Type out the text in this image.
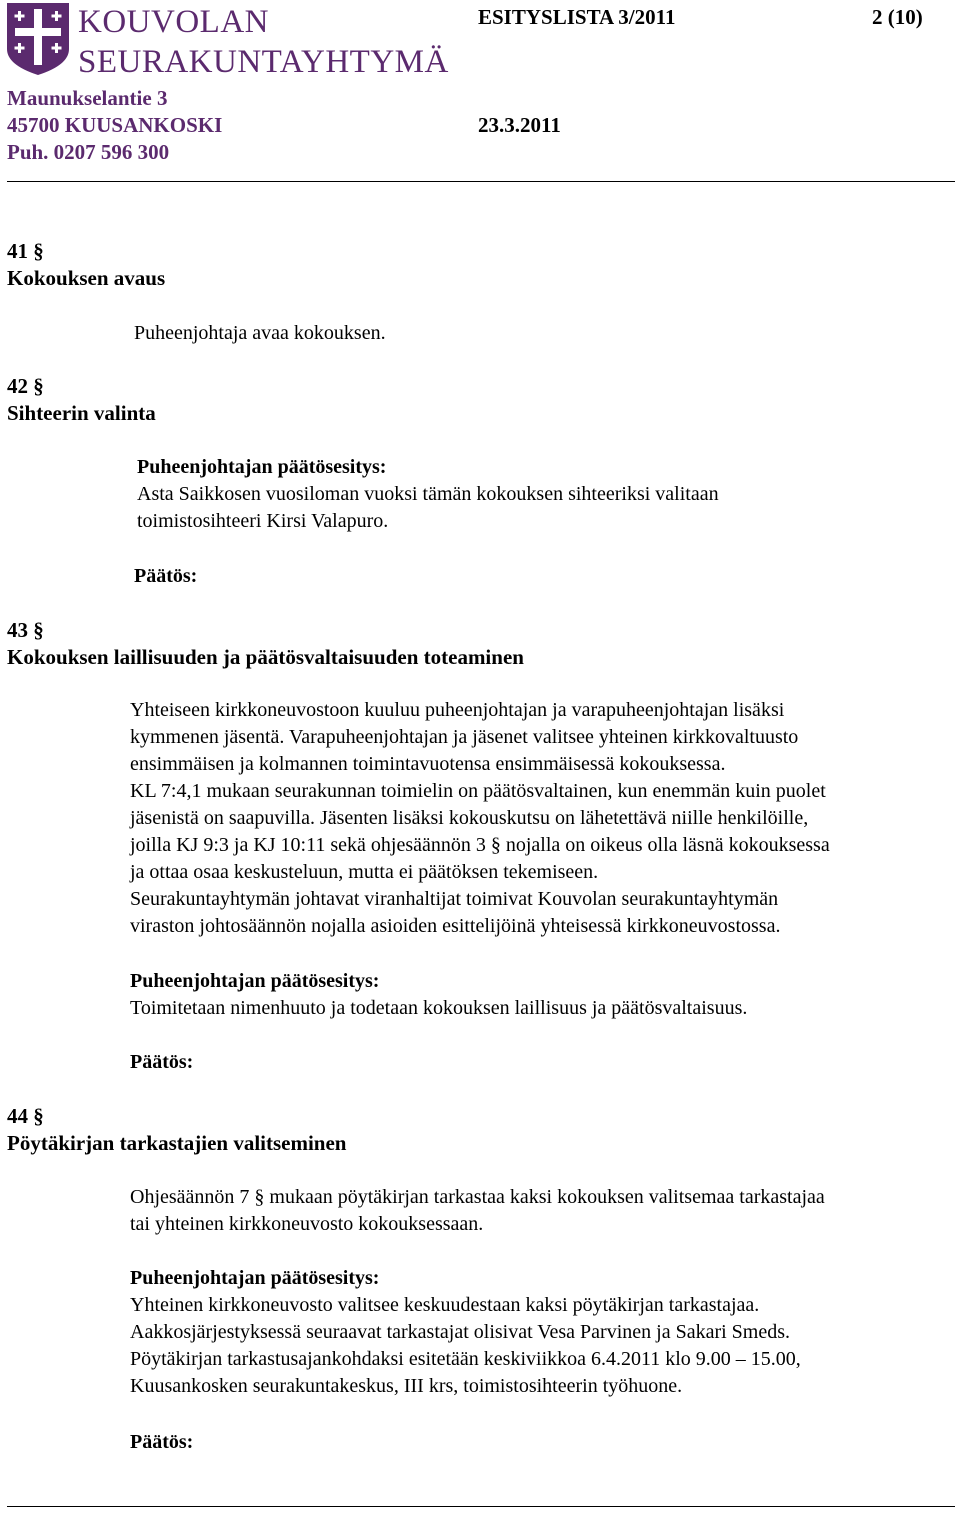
KOUVOLAN
SEURAKUNTAYHTYMÄ
ESITYSLISTA 3/2011	2 (10)
Maunukselantie 3
45700 KUUSANKOSKI	23.3.2011
Puh. 0207 596 300
41 §
Kokouksen avaus
Puheenjohtaja avaa kokouksen.
42 §
Sihteerin valinta
Puheenjohtajan päätösesitys:
Asta Saikkosen vuosiloman vuoksi tämän kokouksen sihteeriksi valitaan
toimistosihteeri Kirsi Valapuro.
Päätös:
43 §
Kokouksen laillisuuden ja päätösvaltaisuuden toteaminen
Yhteiseen kirkkoneuvostoon kuuluu puheenjohtajan ja varapuheenjohtajan lisäksi
kymmenen jäsentä. Varapuheenjohtajan ja jäsenet valitsee yhteinen kirkkovaltuusto
ensimmäisen ja kolmannen toimintavuotensa ensimmäisessä kokouksessa.
KL 7:4,1 mukaan seurakunnan toimielin on päätösvaltainen, kun enemmän kuin puolet
jäsenistä on saapuvilla. Jäsenten lisäksi kokouskutsu on lähetettävä niille henkilöille,
joilla KJ 9:3 ja KJ 10:11 sekä ohjesäännön 3 § nojalla on oikeus olla läsnä kokouksessa
ja ottaa osaa keskusteluun, mutta ei päätöksen tekemiseen.
Seurakuntayhtymän johtavat viranhaltijat toimivat Kouvolan seurakuntayhtymän
viraston johtosäännön nojalla asioiden esittelijöinä yhteisessä kirkkoneuvostossa.
Puheenjohtajan päätösesitys:
Toimitetaan nimenhuuto ja todetaan kokouksen laillisuus ja päätösvaltaisuus.
Päätös:
44 §
Pöytäkirjan tarkastajien valitseminen
Ohjesäännön 7 § mukaan pöytäkirjan tarkastaa kaksi kokouksen valitsemaa tarkastajaa
tai yhteinen kirkkoneuvosto kokouksessaan.
Puheenjohtajan päätösesitys:
Yhteinen kirkkoneuvosto valitsee keskuudestaan kaksi pöytäkirjan tarkastajaa.
Aakkosjärjestyksessä seuraavat tarkastajat olisivat Vesa Parvinen ja Sakari Smeds.
Pöytäkirjan tarkastusajankohdaksi esitetään keskiviikkoa 6.4.2011 klo 9.00 – 15.00,
Kuusankosken seurakuntakeskus, III krs, toimistosihteerin työhuone.
Päätös:
